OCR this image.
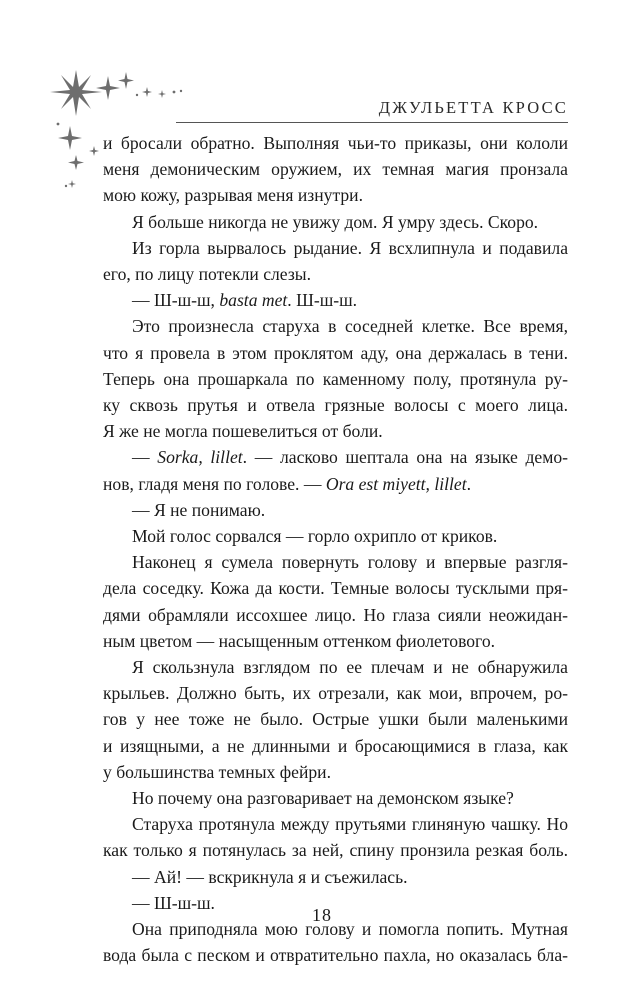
ДЖУЛЬЕТТА КРОСС
и бросали обратно. Выполняя чьи-то приказы, они кололи
меня демоническим оружием, их темная магия пронзала
мою кожу, разрывая меня изнутри.
Я больше никогда не увижу дом. Я умру здесь. Скоро.
Из горла вырвалось рыдание. Я всхлипнула и подавила
его, по лицу потекли слезы.
— Ш-ш-ш, basta met. Ш-ш-ш.
Это произнесла старуха в соседней клетке. Все время,
что я провела в этом проклятом аду, она держалась в тени.
Теперь она прошаркала по каменному полу, протянула ру-
ку сквозь прутья и отвела грязные волосы с моего лица.
Я же не могла пошевелиться от боли.
— Sorka, lillet. — ласково шептала она на языке демо-
нов, гладя меня по голове. — Ora est miyett, lillet.
— Я не понимаю.
Мой голос сорвался — горло охрипло от криков.
Наконец я сумела повернуть голову и впервые разгля-
дела соседку. Кожа да кости. Темные волосы тусклыми пря-
дями обрамляли иссохшее лицо. Но глаза сияли неожидан-
ным цветом — насыщенным оттенком фиолетового.
Я скользнула взглядом по ее плечам и не обнаружила
крыльев. Должно быть, их отрезали, как мои, впрочем, ро-
гов у нее тоже не было. Острые ушки были маленькими
и изящными, а не длинными и бросающимися в глаза, как
у большинства темных фейри.
Но почему она разговаривает на демонском языке?
Старуха протянула между прутьями глиняную чашку. Но
как только я потянулась за ней, спину пронзила резкая боль.
— Ай! — вскрикнула я и съежилась.
— Ш-ш-ш.
Она приподняла мою голову и помогла попить. Мутная
вода была с песком и отвратительно пахла, но оказалась бла-
18
